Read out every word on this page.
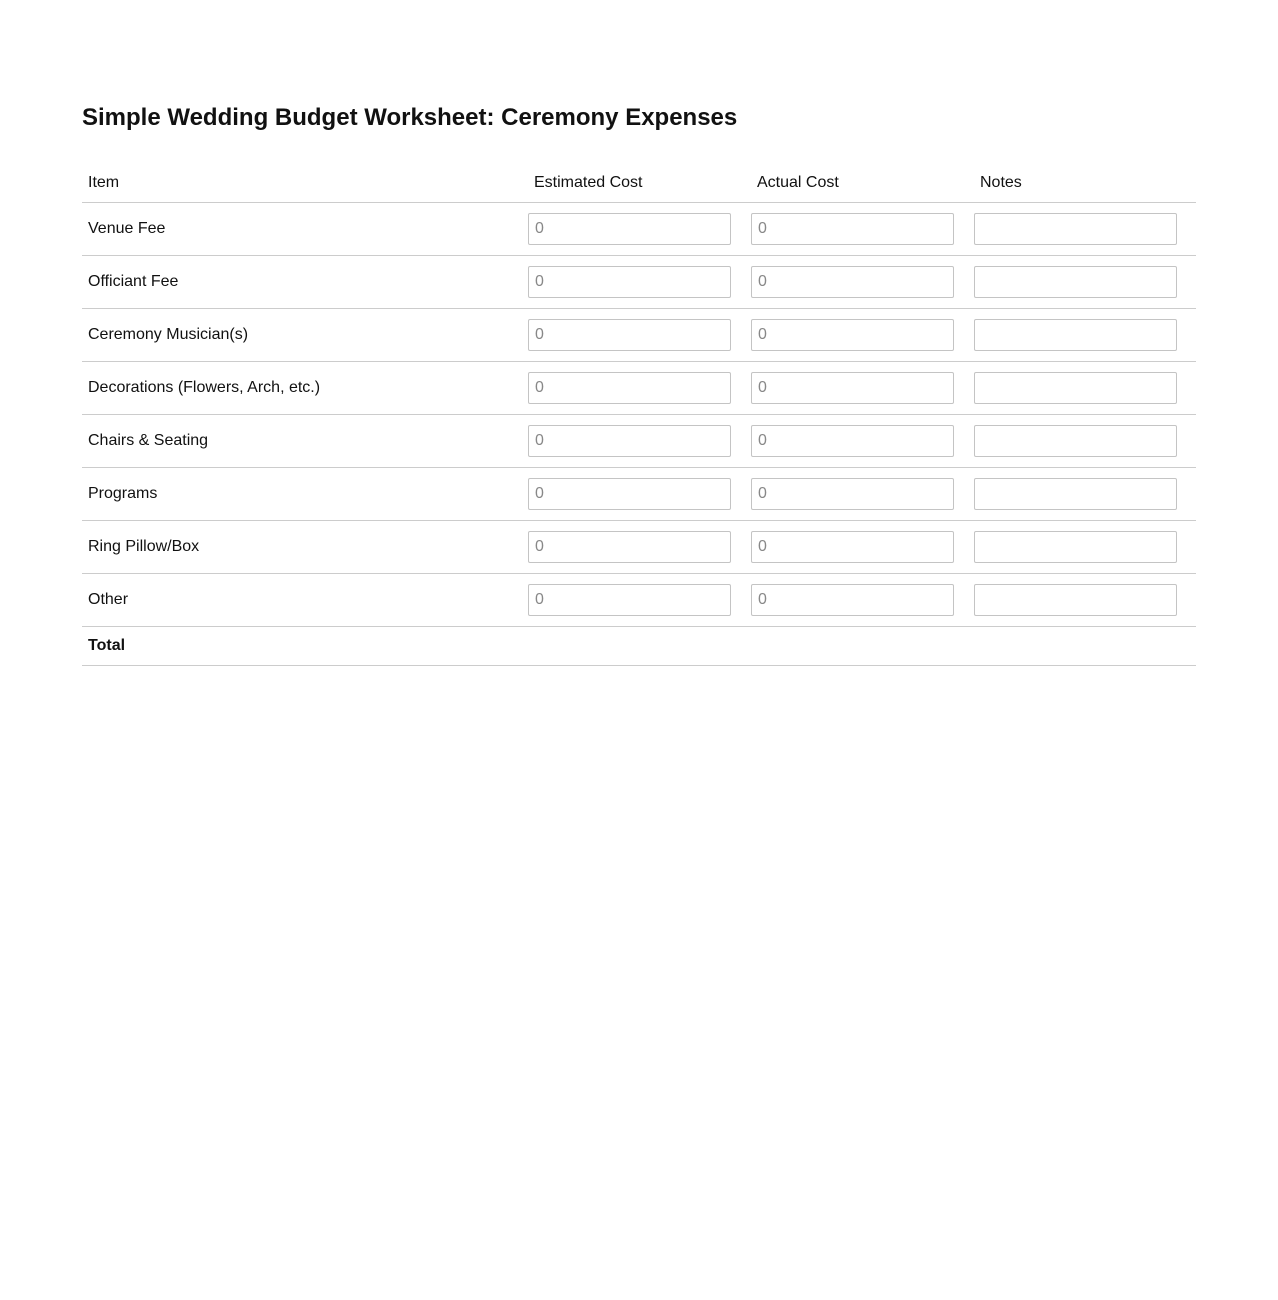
Simple Wedding Budget Worksheet: Ceremony Expenses
Item	Estimated Cost	Actual Cost	Notes
Venue Fee	0	0	
Officiant Fee	0	0	
Ceremony Musician(s)	0	0	
Decorations (Flowers, Arch, etc.)	0	0	
Chairs & Seating	0	0	
Programs	0	0	
Ring Pillow/Box	0	0	
Other	0	0	
Total			
